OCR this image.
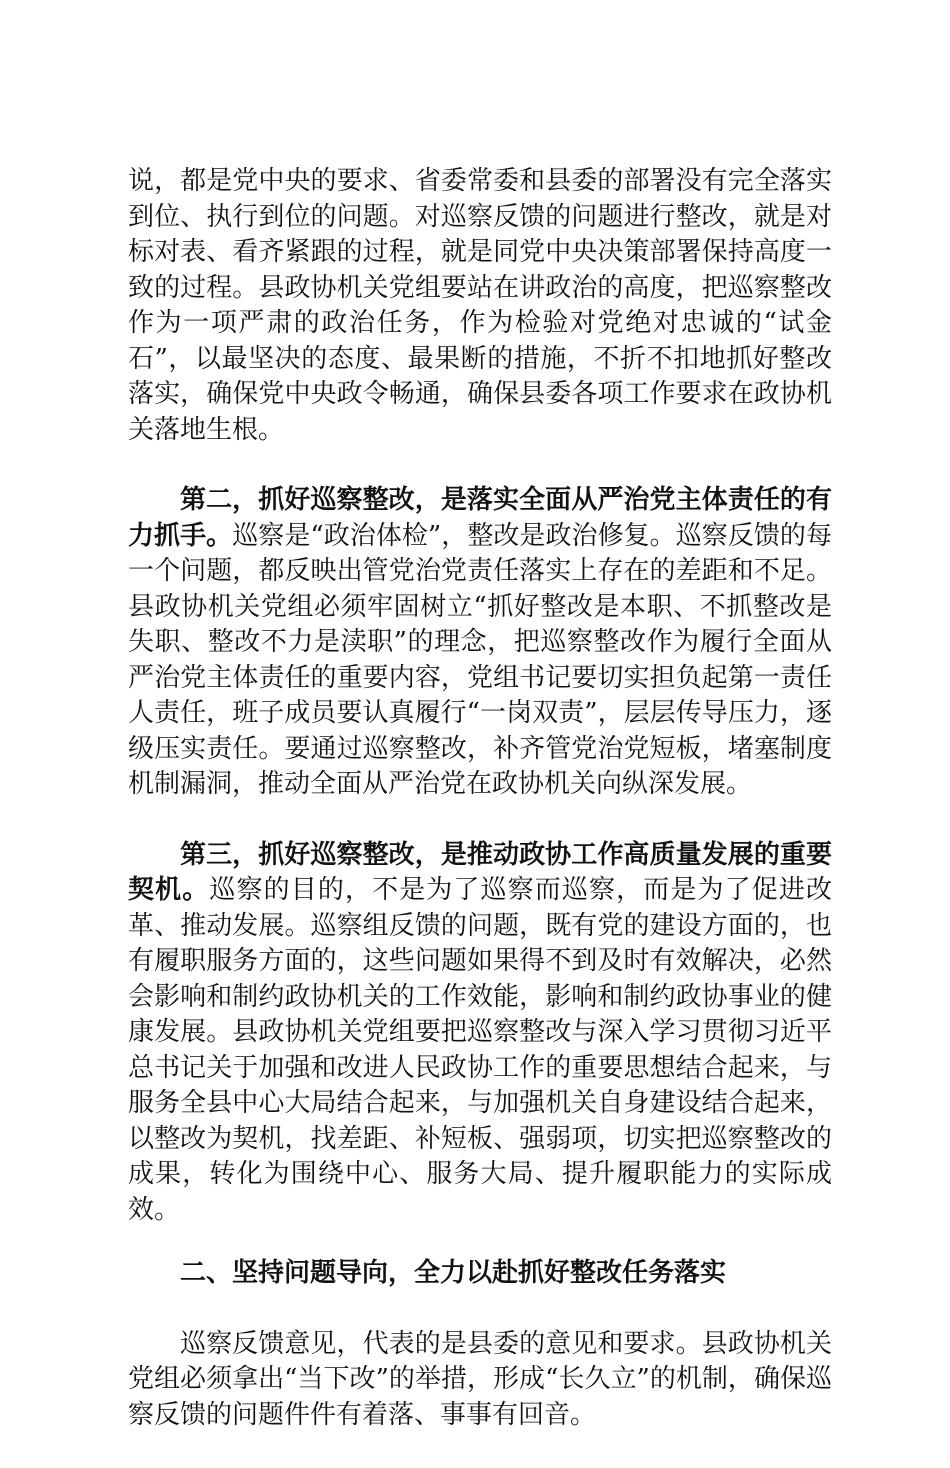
说，都是党中央的要求、省委常委和县委的部署没有完全落实到位、执行到位的问题。对巡察反馈的问题进行整改，就是对标对表、看齐紧跟的过程，就是同党中央决策部署保持高度一致的过程。县政协机关党组要站在讲政治的高度，把巡察整改作为一项严肃的政治任务，作为检验对党绝对忠诚的“试金石”，以最坚决的态度、最果断的措施，不折不扣地抓好整改落实，确保党中央政令畅通，确保县委各项工作要求在政协机关落地生根。

第二，抓好巡察整改，是落实全面从严治党主体责任的有力抓手。巡察是“政治体检”，整改是政治修复。巡察反馈的每一个问题，都反映出管党治党责任落实上存在的差距和不足。县政协机关党组必须牢固树立“抓好整改是本职、不抓整改是失职、整改不力是渎职”的理念，把巡察整改作为履行全面从严治党主体责任的重要内容，党组书记要切实担负起第一责任人责任，班子成员要认真履行“一岗双责”，层层传导压力，逐级压实责任。要通过巡察整改，补齐管党治党短板，堵塞制度机制漏洞，推动全面从严治党在政协机关向纵深发展。

第三，抓好巡察整改，是推动政协工作高质量发展的重要契机。巡察的目的，不是为了巡察而巡察，而是为了促进改革、推动发展。巡察组反馈的问题，既有党的建设方面的，也有履职服务方面的，这些问题如果得不到及时有效解决，必然会影响和制约政协机关的工作效能，影响和制约政协事业的健康发展。县政协机关党组要把巡察整改与深入学习贯彻习近平总书记关于加强和改进人民政协工作的重要思想结合起来，与服务全县中心大局结合起来，与加强机关自身建设结合起来，以整改为契机，找差距、补短板、强弱项，切实把巡察整改的成果，转化为围绕中心、服务大局、提升履职能力的实际成效。

二、坚持问题导向，全力以赴抓好整改任务落实

巡察反馈意见，代表的是县委的意见和要求。县政协机关党组必须拿出“当下改”的举措，形成“长久立”的机制，确保巡察反馈的问题件件有着落、事事有回音。
